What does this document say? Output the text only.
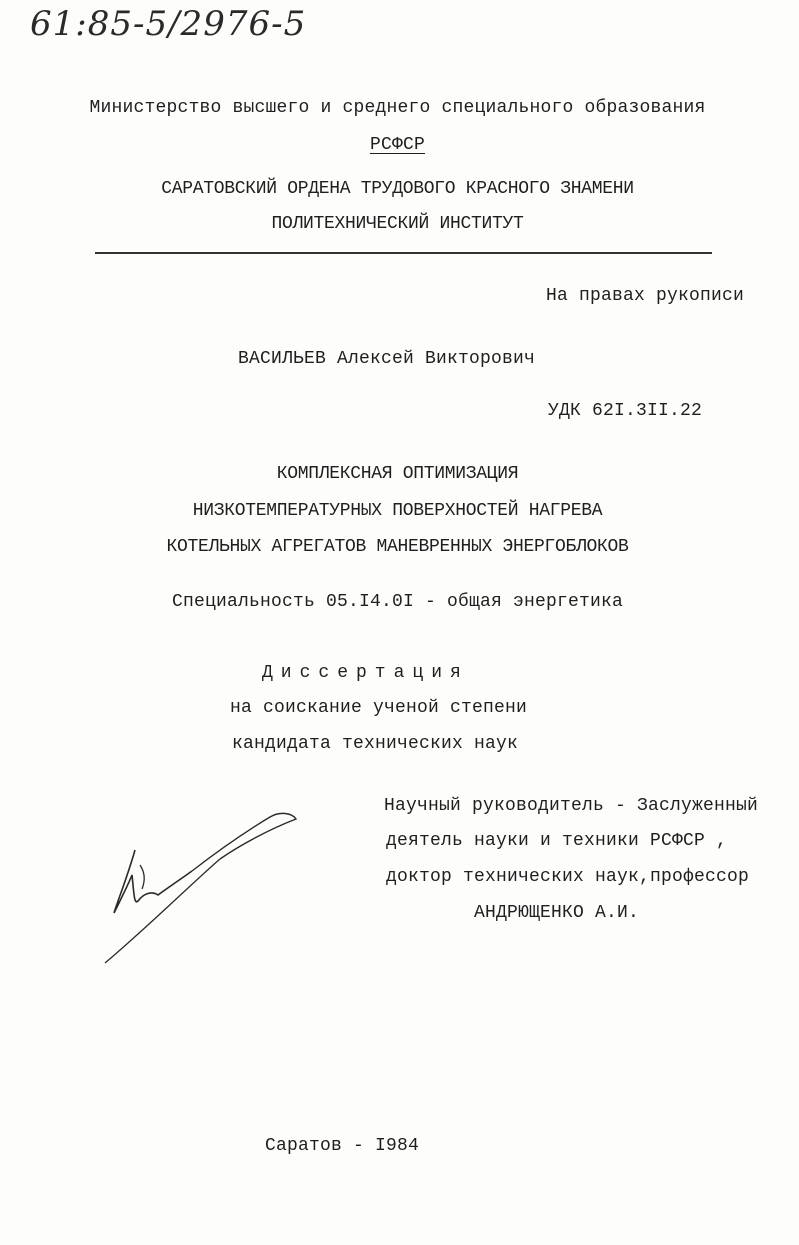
61:85-5/2976-5
Министерство высшего и среднего специального образования
РСФСР
САРАТОВСКИЙ ОРДЕНА ТРУДОВОГО КРАСНОГО ЗНАМЕНИ
ПОЛИТЕХНИЧЕСКИЙ ИНСТИТУТ
На правах рукописи
ВАСИЛЬЕВ Алексей Викторович
УДК 62I.3II.22
КОМПЛЕКСНАЯ ОПТИМИЗАЦИЯ
НИЗКОТЕМПЕРАТУРНЫХ ПОВЕРХНОСТЕЙ НАГРЕВА
КОТЕЛЬНЫХ АГРЕГАТОВ МАНЕВРЕННЫХ ЭНЕРГОБЛОКОВ
Специальность 05.I4.0I - общая энергетика
Диссертация
на соискание ученой степени
кандидата технических наук
Научный руководитель - Заслуженный
деятель науки и техники РСФСР ,
доктор технических наук,профессор
АНДРЮЩЕНКО А.И.
Саратов - I984
